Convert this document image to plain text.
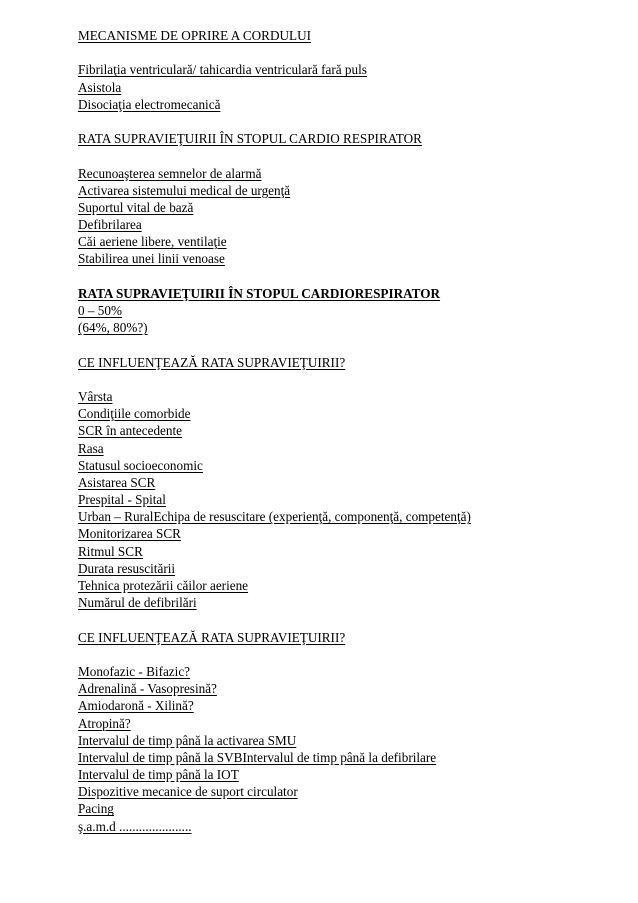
MECANISME DE OPRIRE A CORDULUI
Fibrilaţia ventriculară/ tahicardia ventriculară fară puls
Asistola
Disociaţia electromecanică
RATA SUPRAVIEŢUIRII ÎN STOPUL CARDIO RESPIRATOR
Recunoaşterea semnelor de alarmă
Activarea sistemului medical de urgenţă
Suportul vital de bază
Defibrilarea
Căi aeriene libere, ventilaţie
Stabilirea unei linii venoase
RATA SUPRAVIEŢUIRII ÎN STOPUL CARDIORESPIRATOR
0 – 50%
(64%, 80%?)
CE INFLUENŢEAZĂ RATA SUPRAVIEŢUIRII?
Vârsta
Condiţiile comorbide
SCR în antecedente
Rasa
Statusul socioeconomic
Asistarea SCR
Prespital - Spital
Urban – RuralEchipa de resuscitare (experienţă, componenţă, competenţă)
Monitorizarea SCR
Ritmul SCR
Durata resuscitării
Tehnica protezării căilor aeriene
Numărul de defibrilări
CE INFLUENŢEAZĂ RATA SUPRAVIEŢUIRII?
Monofazic - Bifazic?
Adrenalină - Vasopresină?
Amiodaronă - Xilină?
Atropină?
Intervalul de timp până la activarea SMU
Intervalul de timp până la SVBIntervalul de timp până la defibrilare
Intervalul de timp până la IOT
Dispozitive mecanice de suport circulator
Pacing
ş.a.m.d ......................
